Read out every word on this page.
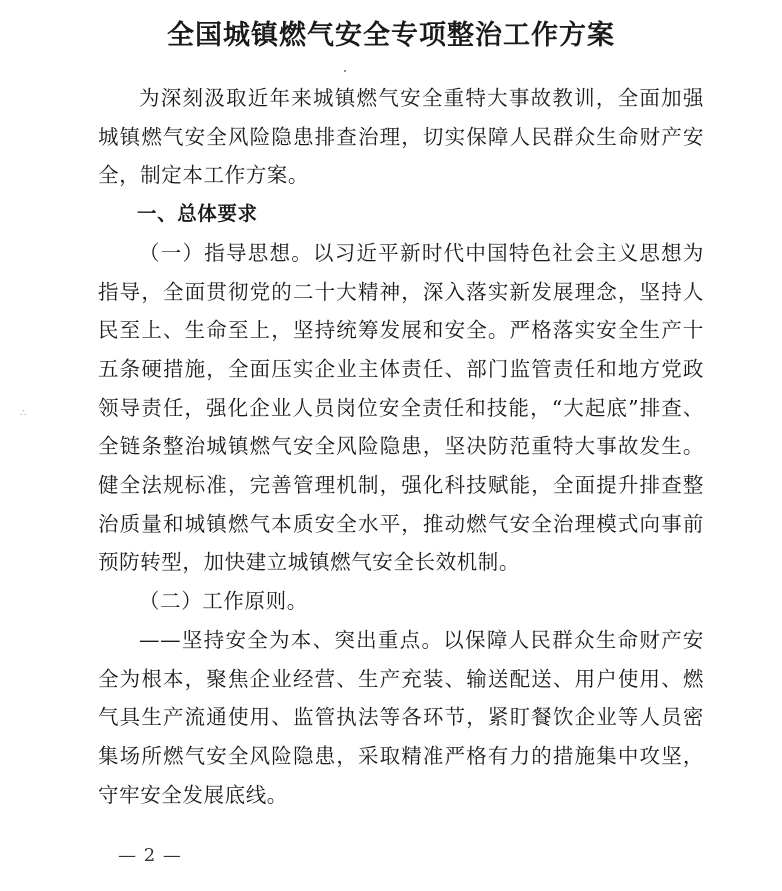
全国城镇燃气安全专项整治工作方案
∴

为深刻汲取近年来城镇燃气安全重特大事故教训，全面加强城镇燃气安全风险隐患排查治理，切实保障人民群众生命财产安全，制定本工作方案。

一、总体要求

（一）指导思想。以习近平新时代中国特色社会主义思想为指导，全面贯彻党的二十大精神，深入落实新发展理念，坚持人民至上、生命至上，坚持统筹发展和安全。严格落实安全生产十五条硬措施，全面压实企业主体责任、部门监管责任和地方党政领导责任，强化企业人员岗位安全责任和技能，“大起底”排查、全链条整治城镇燃气安全风险隐患，坚决防范重特大事故发生。健全法规标准，完善管理机制，强化科技赋能，全面提升排查整治质量和城镇燃气本质安全水平，推动燃气安全治理模式向事前预防转型，加快建立城镇燃气安全长效机制。

（二）工作原则。

——坚持安全为本、突出重点。以保障人民群众生命财产安全为根本，聚焦企业经营、生产充装、输送配送、用户使用、燃气具生产流通使用、监管执法等各环节，紧盯餐饮企业等人员密集场所燃气安全风险隐患，采取精准严格有力的措施集中攻坚，守牢安全发展底线。

— 2 —
